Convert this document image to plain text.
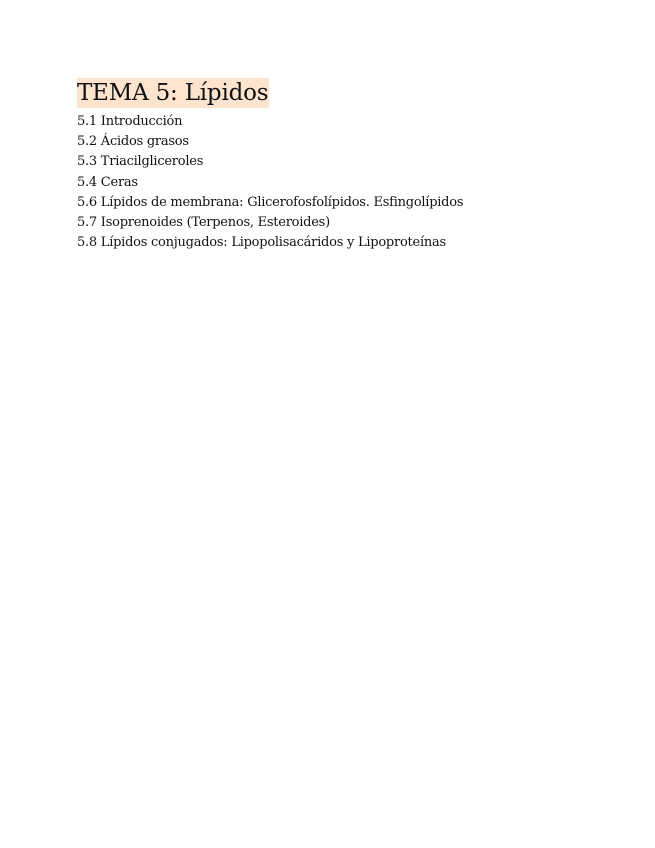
TEMA 5: Lípidos
5.1 Introducción
5.2 Ácidos grasos
5.3 Triacilgliceroles
5.4 Ceras
5.6 Lípidos de membrana: Glicerofosfolípidos. Esfingolípidos
5.7 Isoprenoides (Terpenos, Esteroides)
5.8 Lípidos conjugados: Lipopolisacáridos y Lipoproteínas
